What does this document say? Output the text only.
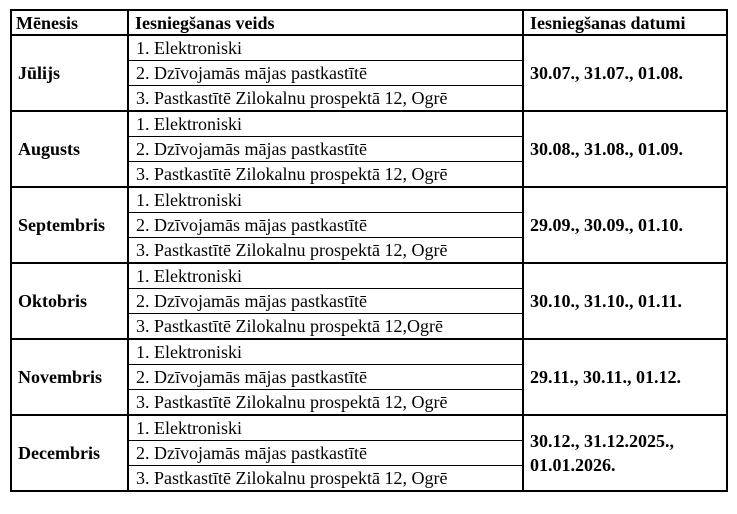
Mēnesis	Iesniegšanas veids	Iesniegšanas datumi
Jūlijs	1. Elektroniski	30.07., 31.07., 01.08.
	2. Dzīvojamās mājas pastkastītē	
	3. Pastkastītē Zilokalnu prospektā 12, Ogrē	
Augusts	1. Elektroniski	30.08., 31.08., 01.09.
	2. Dzīvojamās mājas pastkastītē	
	3. Pastkastītē Zilokalnu prospektā 12, Ogrē	
Septembris	1. Elektroniski	29.09., 30.09., 01.10.
	2. Dzīvojamās mājas pastkastītē	
	3. Pastkastītē Zilokalnu prospektā 12, Ogrē	
Oktobris	1. Elektroniski	30.10., 31.10., 01.11.
	2. Dzīvojamās mājas pastkastītē	
	3. Pastkastītē Zilokalnu prospektā 12,Ogrē	
Novembris	1. Elektroniski	29.11., 30.11., 01.12.
	2. Dzīvojamās mājas pastkastītē	
	3. Pastkastītē Zilokalnu prospektā 12, Ogrē	
Decembris	1. Elektroniski	30.12., 31.12.2025., 01.01.2026.
	2. Dzīvojamās mājas pastkastītē	
	3. Pastkastītē Zilokalnu prospektā 12, Ogrē	
